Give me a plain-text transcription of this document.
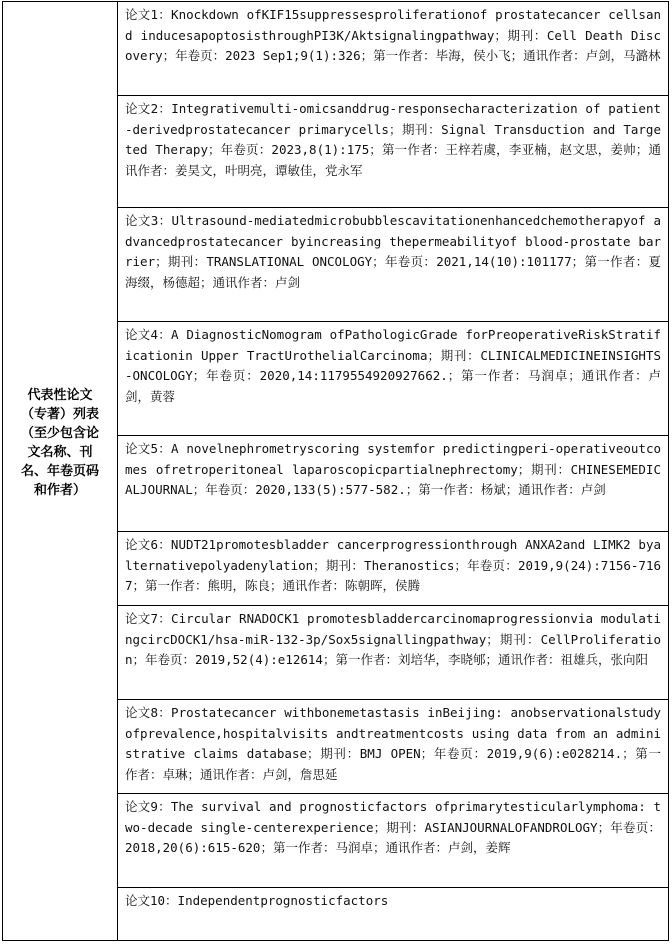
代表性论文
（专著）列表
（至少包含论
文名称、刊
名、年卷页码
和作者）
论文1：Knockdown ofKIF15suppressesproliferationof prostatecancer cellsand inducesapoptosisthroughPI3K/Aktsignalingpathway；期刊：Cell Death Discovery；年卷页：2023 Sep1;9(1):326；第一作者：毕海，侯小飞；通讯作者：卢剑，马潞林
论文2：Integrativemulti-omicsanddrug-responsecharacterization of patient-derivedprostatecancer primarycells；期刊：Signal Transduction and Targeted Therapy；年卷页：2023,8(1):175；第一作者：王梓若虞，李亚楠，赵文思，姜帅；通讯作者：姜昊文，叶明亮，谭敏佳，党永军
论文3：Ultrasound-mediatedmicrobubblescavitationenhancedchemotherapyof advancedprostatecancer byincreasing thepermeabilityof blood-prostate barrier；期刊：TRANSLATIONAL ONCOLOGY；年卷页：2021,14(10):101177；第一作者：夏海缀，杨德超；通讯作者：卢剑
论文4：A DiagnosticNomogram ofPathologicGrade forPreoperativeRiskStratificationin Upper TractUrothelialCarcinoma；期刊：CLINICALMEDICINEINSIGHTS-ONCOLOGY；年卷页：2020,14:1179554920927662.；第一作者：马润卓；通讯作者：卢剑，黄蓉
论文5：A novelnephrometryscoring systemfor predictingperi-operativeoutcomes ofretroperitoneal laparoscopicpartialnephrectomy；期刊：CHINESEMEDICALJOURNAL；年卷页：2020,133(5):577-582.；第一作者：杨斌；通讯作者：卢剑
论文6：NUDT21promotesbladder cancerprogressionthrough ANXA2and LIMK2 byalternativepolyadenylation；期刊：Theranostics；年卷页：2019,9(24):7156-7167；第一作者：熊明，陈良；通讯作者：陈朝晖，侯腾
论文7：Circular RNADOCK1 promotesbladdercarcinomaprogressionvia modulatingcircDOCK1/hsa-miR-132-3p/Sox5signallingpathway；期刊：CellProliferation；年卷页：2019,52(4):e12614；第一作者：刘培华，李晓郇；通讯作者：祖雄兵，张向阳
论文8：Prostatecancer withbonemetastasis inBeijing: anobservationalstudy ofprevalence,hospitalvisits andtreatmentcosts using data from an administrative claims database；期刊：BMJ OPEN；年卷页：2019,9(6):e028214.；第一作者：卓琳；通讯作者：卢剑，詹思延
论文9：The survival and prognosticfactors ofprimarytesticularlymphoma: two-decade single-centerexperience；期刊：ASIANJOURNALOFANDROLOGY；年卷页：2018,20(6):615-620；第一作者：马润卓；通讯作者：卢剑，姜辉
论文10：Independentprognosticfactors
